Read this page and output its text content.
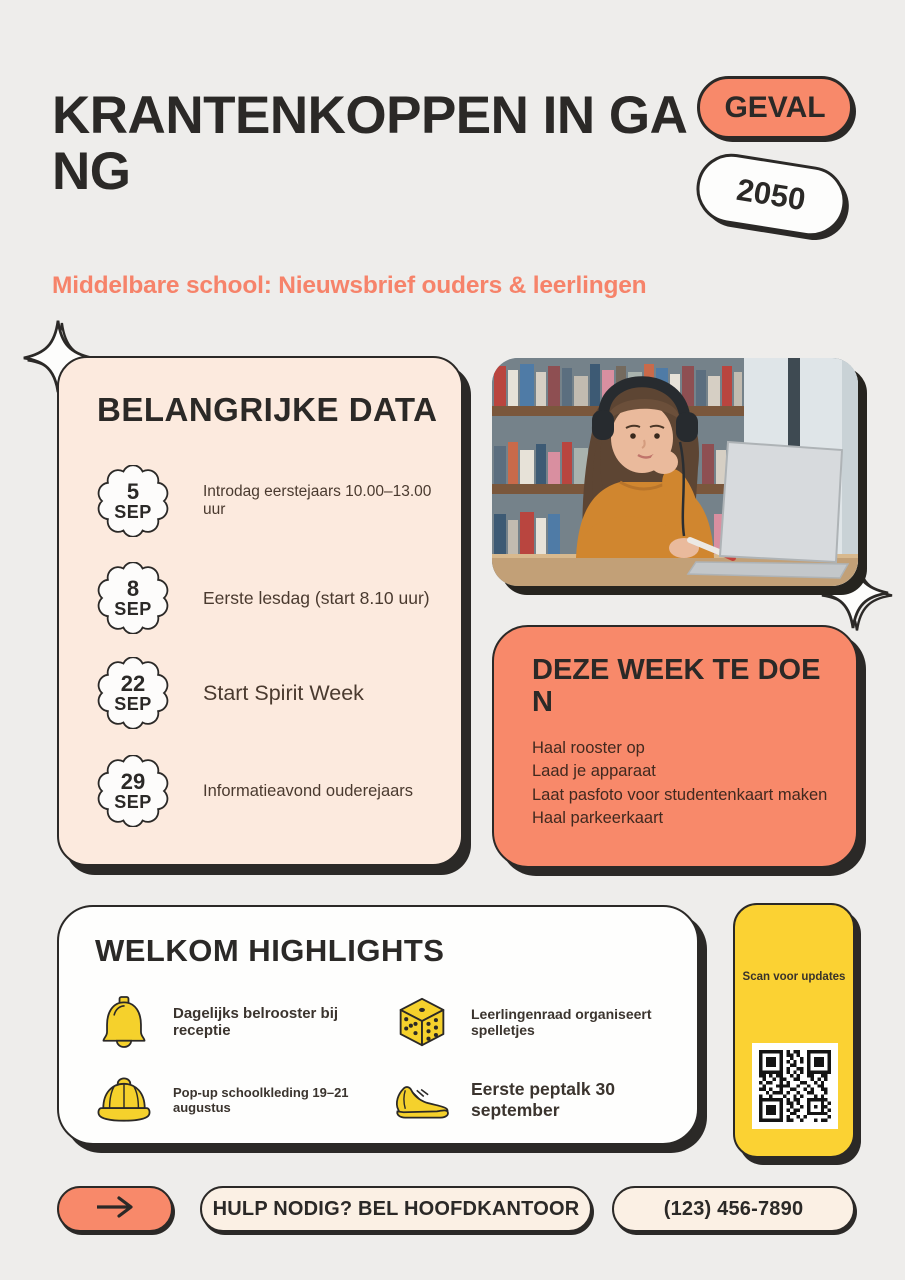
KRANTENKOPPEN IN GA
NG
GEVAL
2050
Middelbare school: Nieuwsbrief ouders & leerlingen
BELANGRIJKE DATA
5
SEP
Introdag eerstejaars 10.00–13.00 uur
8
SEP
Eerste lesdag (start 8.10 uur)
22
SEP Start Spirit Week
29
SEP
Informatieavond ouderejaars
DEZE WEEK TE DOE
N
Haal rooster op
Laad je apparaat
Laat pasfoto voor studentenkaart maken
Haal parkeerkaart
WELKOM HIGHLIGHTS
Dagelijks belrooster bij receptie
Leerlingenraad organiseert spelletjes
Pop-up schoolkleding 19–21 augustus
Eerste peptalk 30 september
Scan voor updates
HULP NODIG? BEL HOOFDKANTOOR	(123) 456-7890
